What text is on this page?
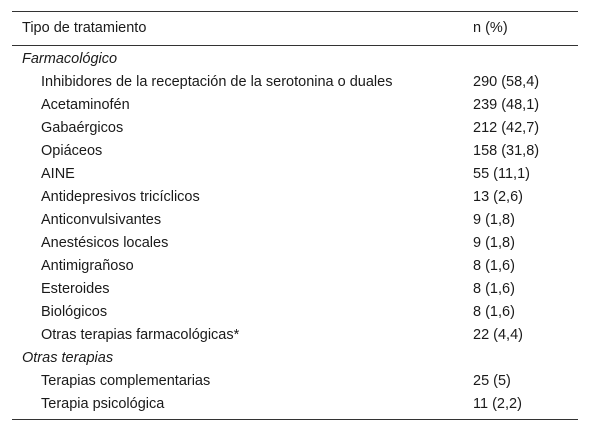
Tipo de tratamiento	n (%)
Farmacológico
Inhibidores de la receptación de la serotonina o duales	290 (58,4)
Acetaminofén	239 (48,1)
Gabaérgicos	212 (42,7)
Opiáceos	158 (31,8)
AINE	55 (11,1)
Antidepresivos tricíclicos	13 (2,6)
Anticonvulsivantes	9 (1,8)
Anestésicos locales	9 (1,8)
Antimigrañoso	8 (1,6)
Esteroides	8 (1,6)
Biológicos	8 (1,6)
Otras terapias farmacológicas*	22 (4,4)
Otras terapias
Terapias complementarias	25 (5)
Terapia psicológica	11 (2,2)
